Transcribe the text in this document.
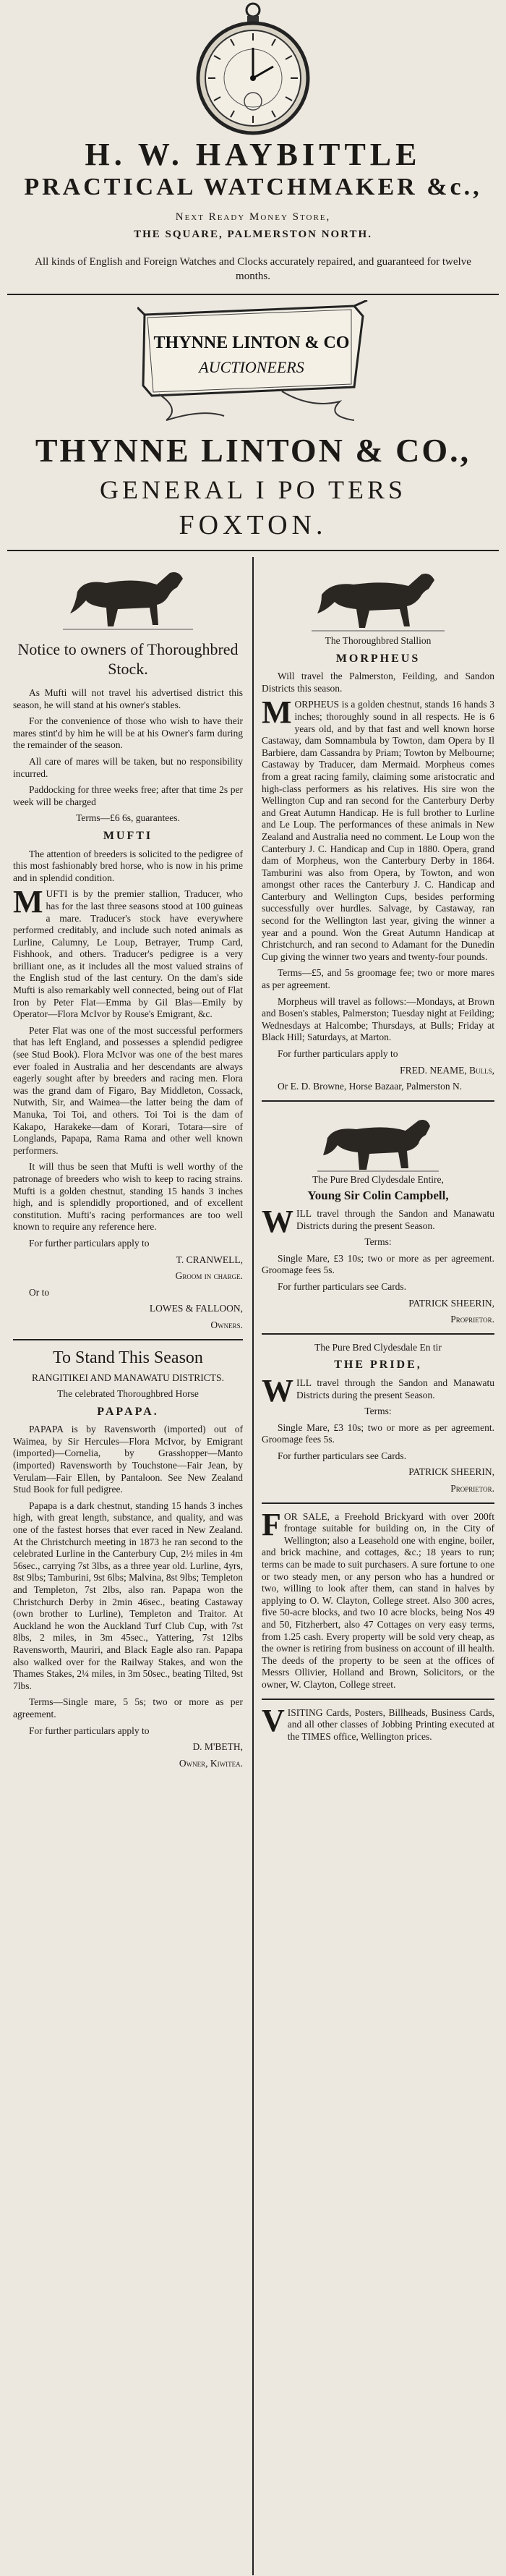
H. W. HAYBITTLE
PRACTICAL WATCHMAKER &c.,
Next Ready Money Store,
THE SQUARE, PALMERSTON NORTH.
All kinds of English and Foreign Watches and Clocks accurately repaired, and guaranteed for twelve months.
THYNNE LINTON & CO
AUCTIONEERS
THYNNE LINTON & CO.,
GENERAL I PO TERS
FOXTON.
Notice to owners of Thoroughbred Stock.

As Mufti will not travel his advertised district this season, he will stand at his owner's stables.

For the convenience of those who wish to have their mares stint'd by him he will be at his Owner's farm during the remainder of the season.

All care of mares will be taken, but no responsibility incurred.

Paddocking for three weeks free; after that time 2s per week will be charged

Terms—£6 6s, guarantees.

MUFTI

The attention of breeders is solicited to the pedigree of this most fashionably bred horse, who is now in his prime and in splendid condition.

MUFTI is by the premier stallion, Traducer, who has for the last three seasons stood at 100 guineas a mare. Traducer's stock have everywhere performed creditably, and include such noted animals as Lurline, Calumny, Le Loup, Betrayer, Trump Card, Fishhook, and others. Traducer's pedigree is a very brilliant one, as it includes all the most valued strains of the English stud of the last century. On the dam's side Mufti is also remarkably well connected, being out of Flat Iron by Peter Flat—Emma by Gil Blas—Emily by Operator—Flora McIvor by Rouse's Emigrant, &c.

Peter Flat was one of the most successful performers that has left England, and possesses a splendid pedigree (see Stud Book). Flora McIvor was one of the best mares ever foaled in Australia and her descendants are always eagerly sought after by breeders and racing men. Flora was the grand dam of Figaro, Bay Middleton, Cossack, Nutwith, Sir, and Waimea—the latter being the dam of Manuka, Toi Toi, and others. Toi Toi is the dam of Kakapo, Harakeke—dam of Korari, Totara—sire of Longlands, Papapa, Rama Rama and other well known performers.

It will thus be seen that Mufti is well worthy of the patronage of breeders who wish to keep to racing strains. Mufti is a golden chestnut, standing 15 hands 3 inches high, and is splendidly proportioned, and of excellent constitution. Mufti's racing performances are too well known to require any reference here.

For further particulars apply to

T. CRANWELL,

Groom in charge.

Or to

LOWES & FALLOON,

Owners.

To Stand This Season

RANGITIKEI AND MANAWATU DISTRICTS.

The celebrated Thoroughbred Horse

PAPAPA.

PAPAPA is by Ravensworth (imported) out of Waimea, by Sir Hercules—Flora McIvor, by Emigrant (imported)—Cornelia, by Grasshopper—Manto (imported) Ravensworth by Touchstone—Fair Jean, by Verulam—Fair Ellen, by Pantaloon. See New Zealand Stud Book for full pedigree.

Papapa is a dark chestnut, standing 15 hands 3 inches high, with great length, substance, and quality, and was one of the fastest horses that ever raced in New Zealand. At the Christchurch meeting in 1873 he ran second to the celebrated Lurline in the Canterbury Cup, 2½ miles in 4m 56sec., carrying 7st 3lbs, as a three year old. Lurline, 4yrs, 8st 9lbs; Tamburini, 9st 6lbs; Malvina, 8st 9lbs; Templeton and Templeton, 7st 2lbs, also ran. Papapa won the Christchurch Derby in 2min 46sec., beating Castaway (own brother to Lurline), Templeton and Traitor. At Auckland he won the Auckland Turf Club Cup, with 7st 8lbs, 2 miles, in 3m 45sec., Yattering, 7st 12lbs Ravensworth, Mauriri, and Black Eagle also ran. Papapa also walked over for the Railway Stakes, and won the Thames Stakes, 2¼ miles, in 3m 50sec., beating Tilted, 9st 7lbs.

Terms—Single mare, 5 5s; two or more as per agreement.

For further particulars apply to

D. M'BETH,

Owner, Kiwitea.

The Thoroughbred Stallion

MORPHEUS

Will travel the Palmerston, Feilding, and Sandon Districts this season.

MORPHEUS is a golden chestnut, stands 16 hands 3 inches; thoroughly sound in all respects. He is 6 years old, and by that fast and well known horse Castaway, dam Somnambula by Towton, dam Opera by Il Barbiere, dam Cassandra by Priam; Towton by Melbourne; Castaway by Traducer, dam Mermaid. Morpheus comes from a great racing family, claiming some aristocratic and high-class performers as his relatives. His sire won the Wellington Cup and ran second for the Canterbury Derby and Great Autumn Handicap. He is full brother to Lurline and Le Loup. The performances of these animals in New Zealand and Australia need no comment. Le Loup won the Canterbury J. C. Handicap and Cup in 1880. Opera, grand dam of Morpheus, won the Canterbury Derby in 1864. Tamburini was also from Opera, by Towton, and won amongst other races the Canterbury J. C. Handicap and Canterbury and Wellington Cups, besides performing successfully over hurdles. Salvage, by Castaway, ran second for the Wellington last year, giving the winner a year and a pound. Won the Great Autumn Handicap at Christchurch, and ran second to Adamant for the Dunedin Cup giving the winner two years and twenty-four pounds.

Terms—£5, and 5s groomage fee; two or more mares as per agreement.

Morpheus will travel as follows:—Mondays, at Brown and Bosen's stables, Palmerston; Tuesday night at Feilding; Wednesdays at Halcombe; Thursdays, at Bulls; Friday at Black Hill; Saturdays, at Marton.

For further particulars apply to

FRED. NEAME, Bulls,

Or E. D. Browne, Horse Bazaar, Palmerston N.

The Pure Bred Clydesdale Entire,

Young Sir Colin Campbell,

WILL travel through the Sandon and Manawatu Districts during the present Season.

Terms:

Single Mare, £3 10s; two or more as per agreement. Groomage fees 5s.

For further particulars see Cards.

PATRICK SHEERIN,

Proprietor.

The Pure Bred Clydesdale En tir

THE PRIDE,

WILL travel through the Sandon and Manawatu Districts during the present Season.

Terms:

Single Mare, £3 10s; two or more as per agreement. Groomage fees 5s.

For further particulars see Cards.

PATRICK SHEERIN,

Proprietor.

FOR SALE, a Freehold Brickyard with over 200ft frontage suitable for building on, in the City of Wellington; also a Leasehold one with engine, boiler, and brick machine, and cottages, &c.; 18 years to run; terms can be made to suit purchasers. A sure fortune to one or two steady men, or any person who has a hundred or two, willing to look after them, can stand in halves by applying to O. W. Clayton, College street. Also 300 acres, five 50-acre blocks, and two 10 acre blocks, being Nos 49 and 50, Fitzherbert, also 47 Cottages on very easy terms, from 1.25 cash. Every property will be sold very cheap, as the owner is retiring from business on account of ill health. The deeds of the property to be seen at the offices of Messrs Ollivier, Holland and Brown, Solicitors, or the owner, W. Clayton, College street.

VISITING Cards, Posters, Billheads, Business Cards, and all other classes of Jobbing Printing executed at the TIMES office, Wellington prices.
